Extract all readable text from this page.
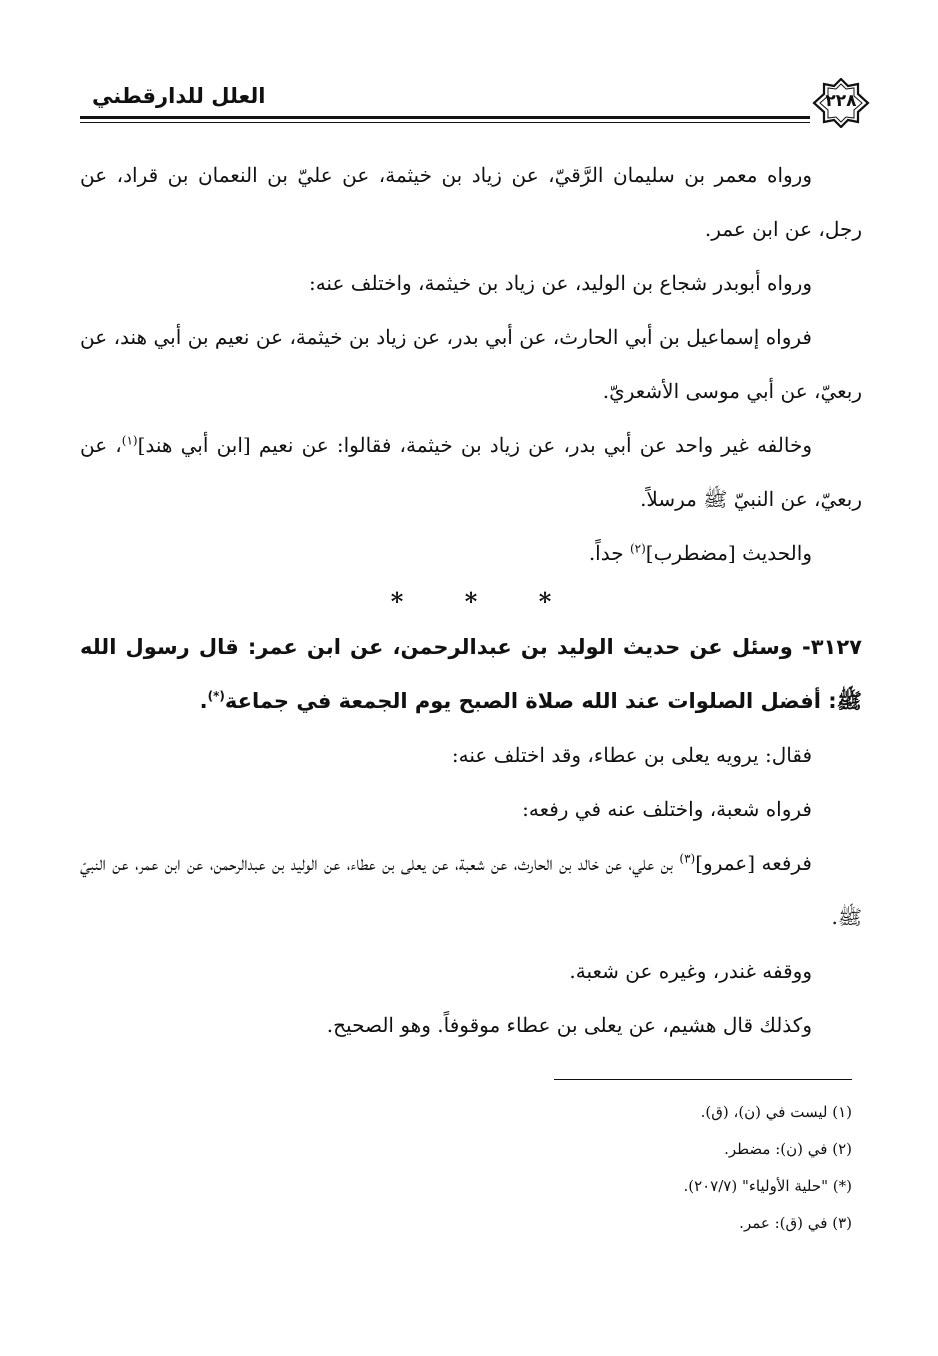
العلل للدارقطني	٢٢٨

ورواه معمر بن سليمان الرَّقيّ، عن زياد بن خيثمة، عن عليّ بن النعمان بن قراد، عن رجل، عن ابن عمر.

ورواه أبوبدر شجاع بن الوليد، عن زياد بن خيثمة، واختلف عنه:

فرواه إسماعيل بن أبي الحارث، عن أبي بدر، عن زياد بن خيثمة، عن نعيم بن أبي هند، عن ربعيّ، عن أبي موسى الأشعريّ.

وخالفه غير واحد عن أبي بدر، عن زياد بن خيثمة، فقالوا: عن نعيم [ابن أبي هند]$^{(١)}$، عن ربعيّ، عن النبيّ ﷺ مرسلاً.

والحديث [مضطرب]$^{(٢)}$ جداً.

*	*	*

٣١٢٧- وسئل عن حديث الوليد بن عبدالرحمن، عن ابن عمر: قال رسول الله ﷺ: أفضل الصلوات عند الله صلاة الصبح يوم الجمعة في جماعة(*).

فقال: يرويه يعلى بن عطاء، وقد اختلف عنه:

فرواه شعبة، واختلف عنه في رفعه:

فرفعه [عمرو]$^{(٣)}$ بن علي، عن خالد بن الحارث، عن شعبة، عن يعلى بن عطاء، عن الوليد بن عبدالرحمن، عن ابن عمر، عن النبيّ ﷺ.

ووقفه غندر، وغيره عن شعبة.

وكذلك قال هشيم، عن يعلى بن عطاء موقوفاً. وهو الصحيح.

(١) ليست في (ن)، (ق).

(٢) في (ن): مضطر.

(*) "حلية الأولياء" (٢٠٧/٧).

(٣) في (ق): عمر.
